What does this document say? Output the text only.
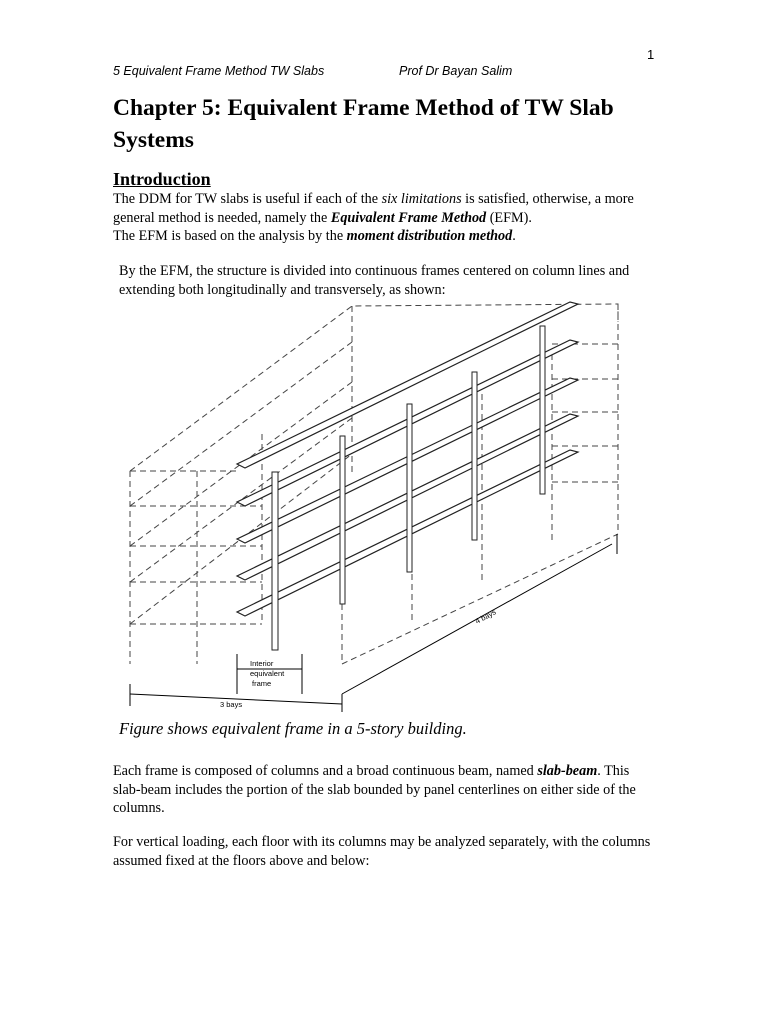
1
5 Equivalent Frame Method TW Slabs	Prof Dr Bayan Salim
Chapter 5: Equivalent Frame Method of TW Slab Systems
Introduction
The DDM for TW slabs is useful if each of the six limitations is satisfied, otherwise, a more general method is needed, namely the Equivalent Frame Method (EFM).
The EFM is based on the analysis by the moment distribution method.
By the EFM, the structure is divided into continuous frames centered on column lines and extending both longitudinally and transversely, as shown:
Interior
equivalent
frame
3 bays
4 bays
Figure shows equivalent frame in a 5-story building.
Each frame is composed of columns and a broad continuous beam, named slab-beam. This slab-beam includes the portion of the slab bounded by panel centerlines on either side of the columns.
For vertical loading, each floor with its columns may be analyzed separately, with the columns assumed fixed at the floors above and below:
